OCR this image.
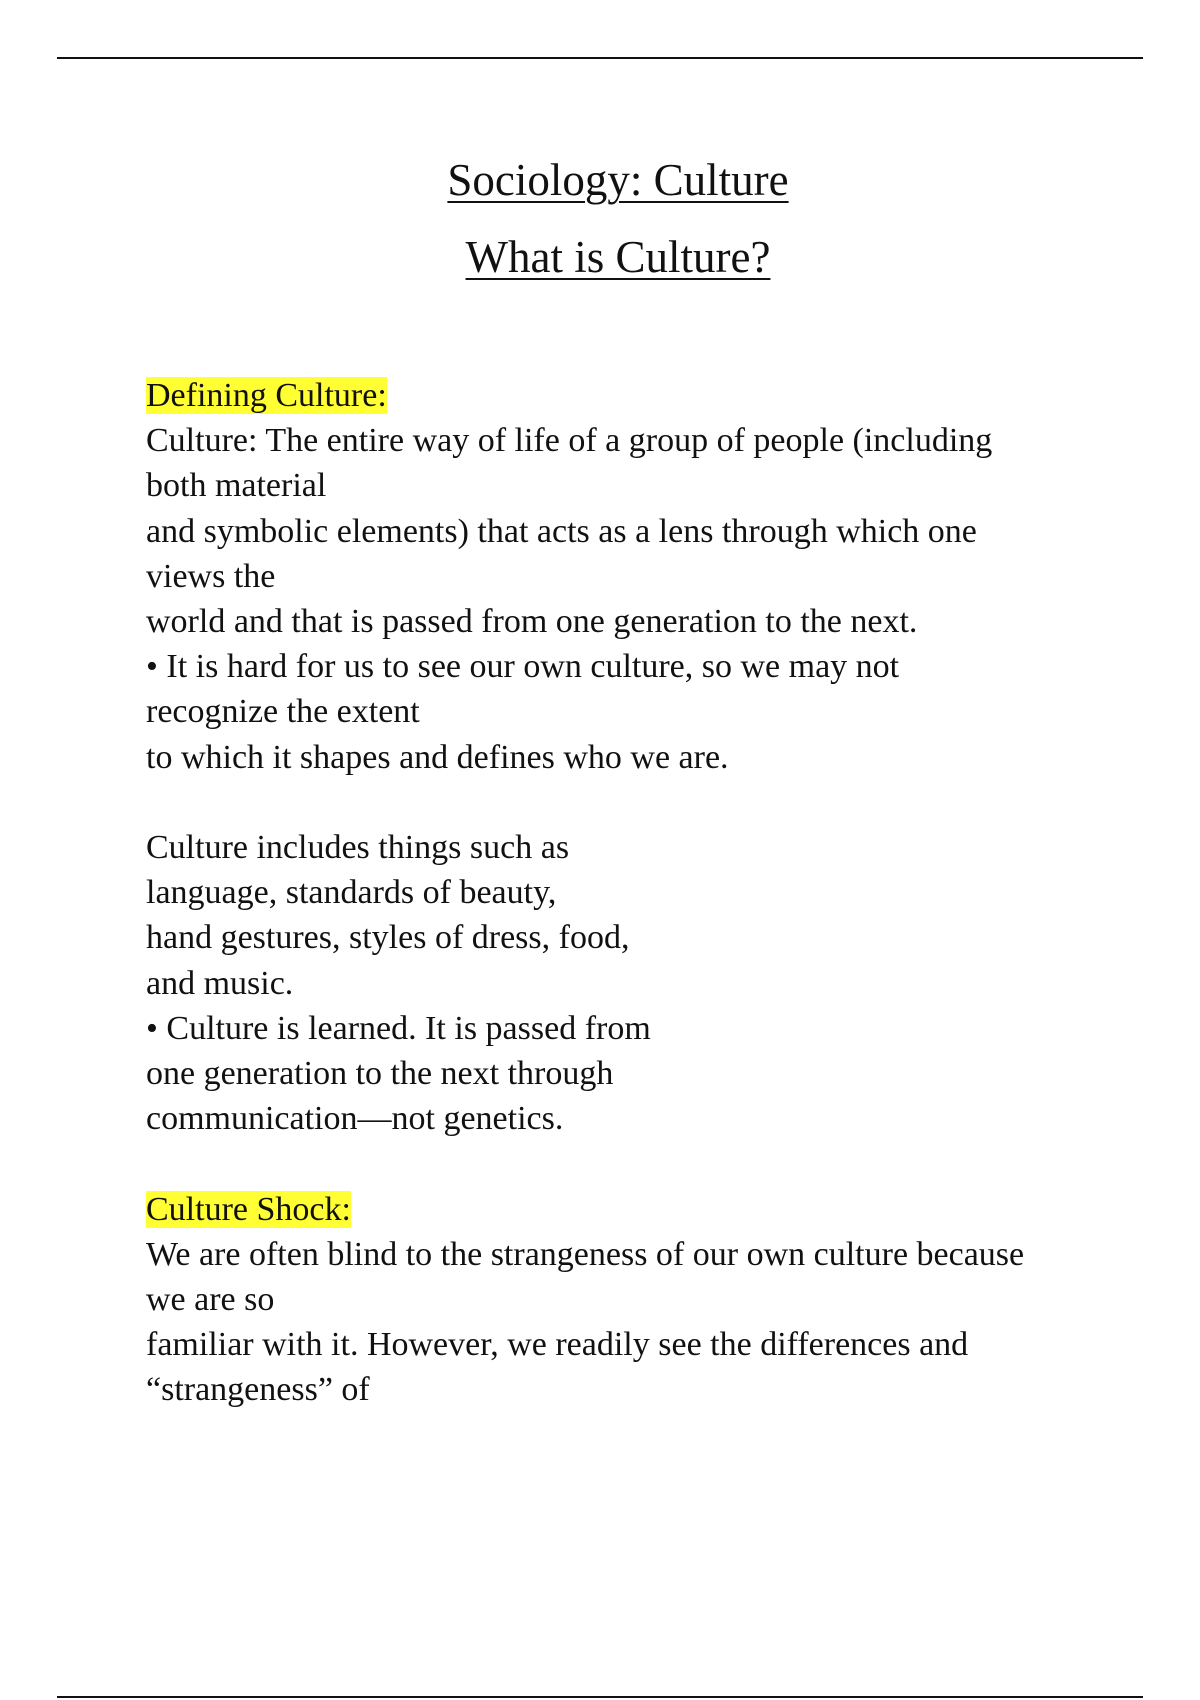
Sociology: Culture
What is Culture?
Defining Culture:
Culture: The entire way of life of a group of people (including
both material
and symbolic elements) that acts as a lens through which one
views the
world and that is passed from one generation to the next.
• It is hard for us to see our own culture, so we may not
recognize the extent
to which it shapes and defines who we are.
Culture includes things such as
language, standards of beauty,
hand gestures, styles of dress, food,
and music.
• Culture is learned. It is passed from
one generation to the next through
communication—not genetics.
Culture Shock:
We are often blind to the strangeness of our own culture because
we are so
familiar with it. However, we readily see the differences and
“strangeness” of
